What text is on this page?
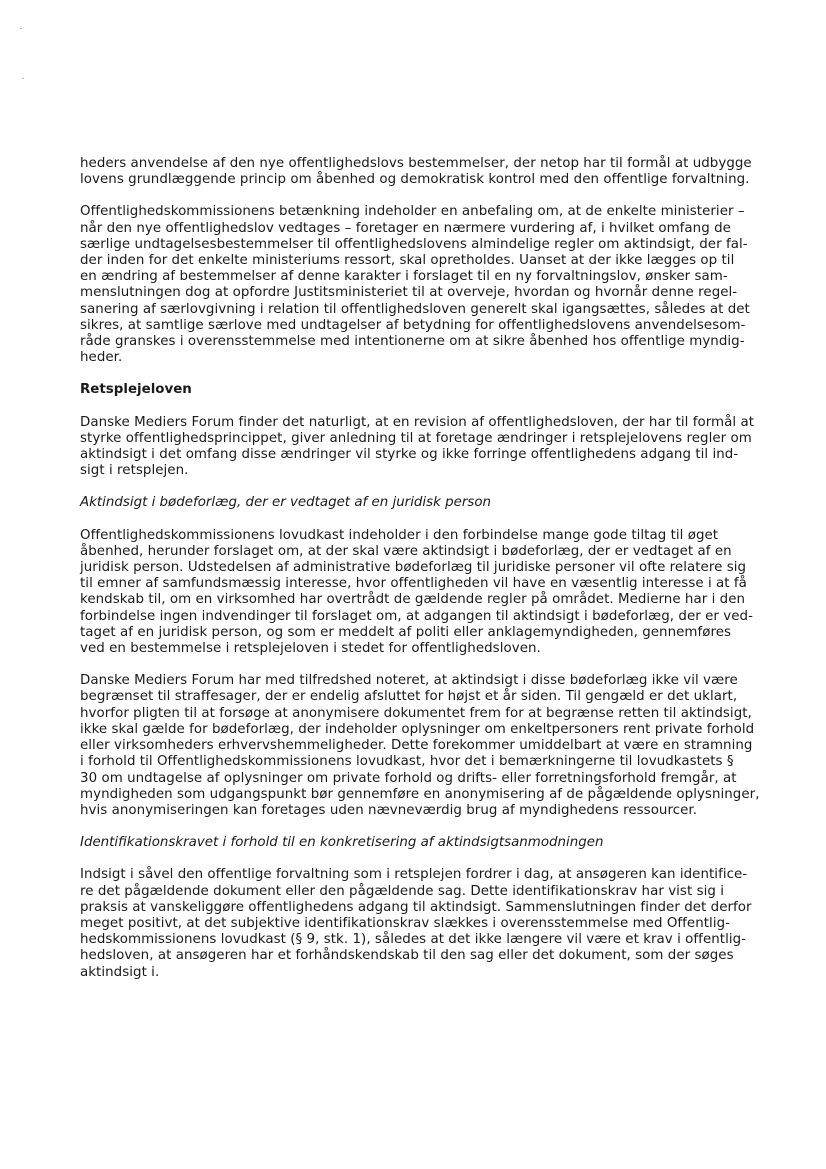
heders anvendelse af den nye offentlighedslovs bestemmelser, der netop har til formål at udbygge
lovens grundlæggende princip om åbenhed og demokratisk kontrol med den offentlige forvaltning.

Offentlighedskommissionens betænkning indeholder en anbefaling om, at de enkelte ministerier –
når den nye offentlighedslov vedtages – foretager en nærmere vurdering af, i hvilket omfang de
særlige undtagelsesbestemmelser til offentlighedslovens almindelige regler om aktindsigt, der fal-
der inden for det enkelte ministeriums ressort, skal opretholdes. Uanset at der ikke lægges op til
en ændring af bestemmelser af denne karakter i forslaget til en ny forvaltningslov, ønsker sam-
menslutningen dog at opfordre Justitsministeriet til at overveje, hvordan og hvornår denne regel-
sanering af særlovgivning i relation til offentlighedsloven generelt skal igangsættes, således at det
sikres, at samtlige særlove med undtagelser af betydning for offentlighedslovens anvendelsesom-
råde granskes i overensstemmelse med intentionerne om at sikre åbenhed hos offentlige myndig-
heder.

Retsplejeloven

Danske Mediers Forum finder det naturligt, at en revision af offentlighedsloven, der har til formål at
styrke offentlighedsprincippet, giver anledning til at foretage ændringer i retsplejelovens regler om
aktindsigt i det omfang disse ændringer vil styrke og ikke forringe offentlighedens adgang til ind-
sigt i retsplejen.

Aktindsigt i bødeforlæg, der er vedtaget af en juridisk person

Offentlighedskommissionens lovudkast indeholder i den forbindelse mange gode tiltag til øget
åbenhed, herunder forslaget om, at der skal være aktindsigt i bødeforlæg, der er vedtaget af en
juridisk person. Udstedelsen af administrative bødeforlæg til juridiske personer vil ofte relatere sig
til emner af samfundsmæssig interesse, hvor offentligheden vil have en væsentlig interesse i at få
kendskab til, om en virksomhed har overtrådt de gældende regler på området. Medierne har i den
forbindelse ingen indvendinger til forslaget om, at adgangen til aktindsigt i bødeforlæg, der er ved-
taget af en juridisk person, og som er meddelt af politi eller anklagemyndigheden, gennemføres
ved en bestemmelse i retsplejeloven i stedet for offentlighedsloven.

Danske Mediers Forum har med tilfredshed noteret, at aktindsigt i disse bødeforlæg ikke vil være
begrænset til straffesager, der er endelig afsluttet for højst et år siden. Til gengæld er det uklart,
hvorfor pligten til at forsøge at anonymisere dokumentet frem for at begrænse retten til aktindsigt,
ikke skal gælde for bødeforlæg, der indeholder oplysninger om enkeltpersoners rent private forhold
eller virksomheders erhvervshemmeligheder. Dette forekommer umiddelbart at være en stramning
i forhold til Offentlighedskommissionens lovudkast, hvor det i bemærkningerne til lovudkastets §
30 om undtagelse af oplysninger om private forhold og drifts- eller forretningsforhold fremgår, at
myndigheden som udgangspunkt bør gennemføre en anonymisering af de pågældende oplysninger,
hvis anonymiseringen kan foretages uden nævneværdig brug af myndighedens ressourcer.

Identifikationskravet i forhold til en konkretisering af aktindsigtsanmodningen

Indsigt i såvel den offentlige forvaltning som i retsplejen fordrer i dag, at ansøgeren kan identifice-
re det pågældende dokument eller den pågældende sag. Dette identifikationskrav har vist sig i
praksis at vanskeliggøre offentlighedens adgang til aktindsigt. Sammenslutningen finder det derfor
meget positivt, at det subjektive identifikationskrav slækkes i overensstemmelse med Offentlig-
hedskommissionens lovudkast (§ 9, stk. 1), således at det ikke længere vil være et krav i offentlig-
hedsloven, at ansøgeren har et forhåndskendskab til den sag eller det dokument, som der søges
aktindsigt i.
